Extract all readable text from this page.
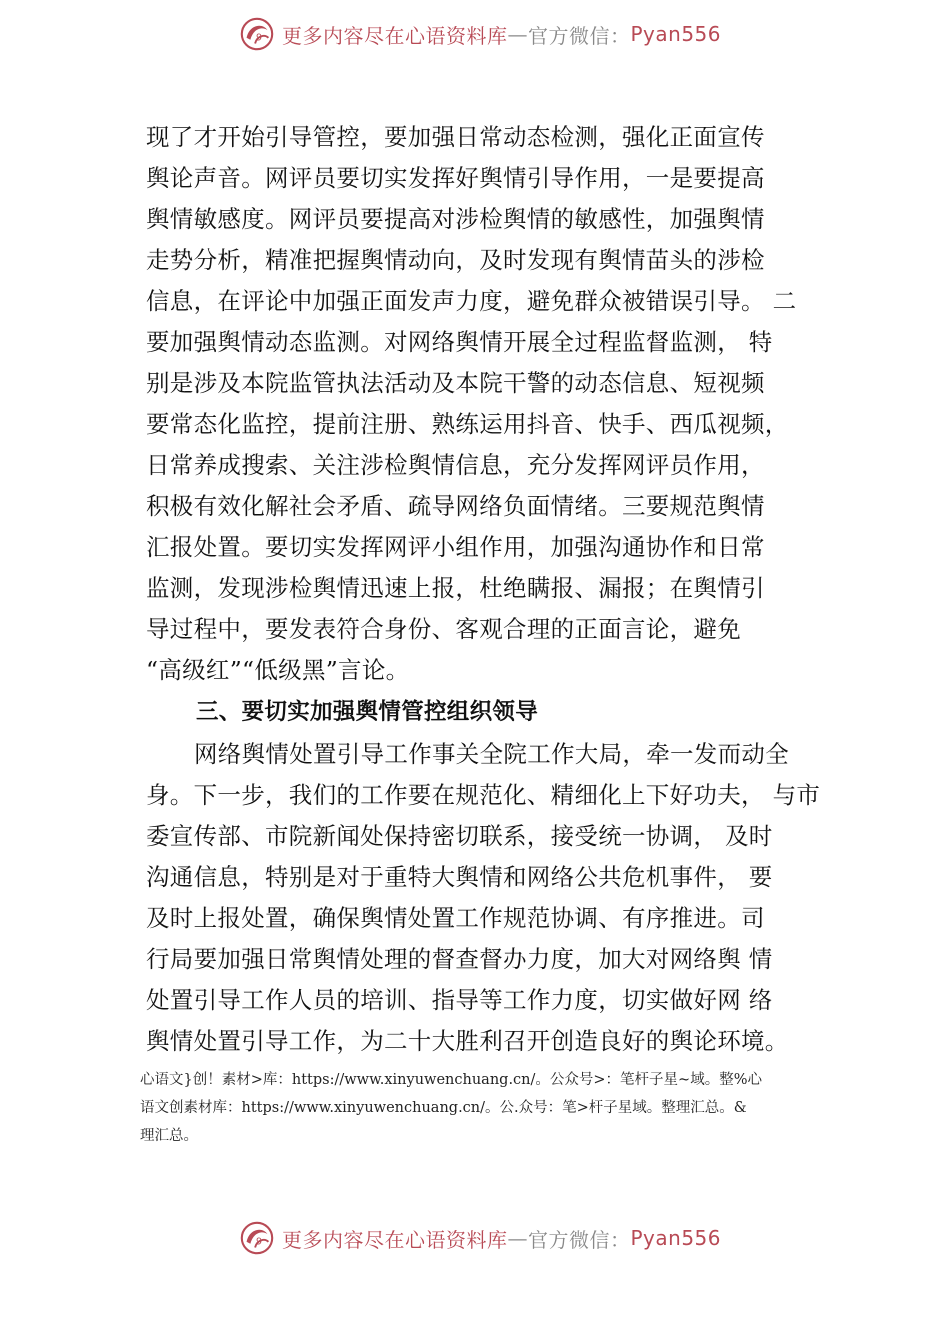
9 更多内容尽在心语资料库 — 官方微信： Pyan556
现了才开始引导管控，要加强日常动态检测，强化正面宣传
舆论声音。网评员要切实发挥好舆情引导作用，一是要提高
舆情敏感度。网评员要提高对涉检舆情的敏感性，加强舆情
走势分析，精准把握舆情动向，及时发现有舆情苗头的涉检
信息，在评论中加强正面发声力度，避免群众被错误引导。 二
要加强舆情动态监测。对网络舆情开展全过程监督监测， 特
别是涉及本院监管执法活动及本院干警的动态信息、短视频
要常态化监控，提前注册、熟练运用抖音、快手、西瓜视频，
日常养成搜索、关注涉检舆情信息，充分发挥网评员作用，
积极有效化解社会矛盾、疏导网络负面情绪。三要规范舆情
汇报处置。要切实发挥网评小组作用，加强沟通协作和日常
监测，发现涉检舆情迅速上报，杜绝瞒报、漏报；在舆情引
导过程中，要发表符合身份、客观合理的正面言论，避免
“高级红”“低级黑”言论。
三、要切实加强舆情管控组织领导
网络舆情处置引导工作事关全院工作大局，牵一发而动全
身。下一步，我们的工作要在规范化、精细化上下好功夫， 与市
委宣传部、市院新闻处保持密切联系，接受统一协调， 及时
沟通信息，特别是对于重特大舆情和网络公共危机事件， 要
及时上报处置，确保舆情处置工作规范协调、有序推进。司
行局要加强日常舆情处理的督查督办力度，加大对网络舆 情
处置引导工作人员的培训、指导等工作力度，切实做好网 络
舆情处置引导工作，为二十大胜利召开创造良好的舆论环境。
心语文}创！素材>库：https://www.xinyuwenchuang.cn/。公众号>：笔杆子星~域。整%心
语文创素材库：https://www.xinyuwenchuang.cn/。公.众号：笔>杆子星域。整理汇总。&
理汇总。
9 更多内容尽在心语资料库 — 官方微信： Pyan556
